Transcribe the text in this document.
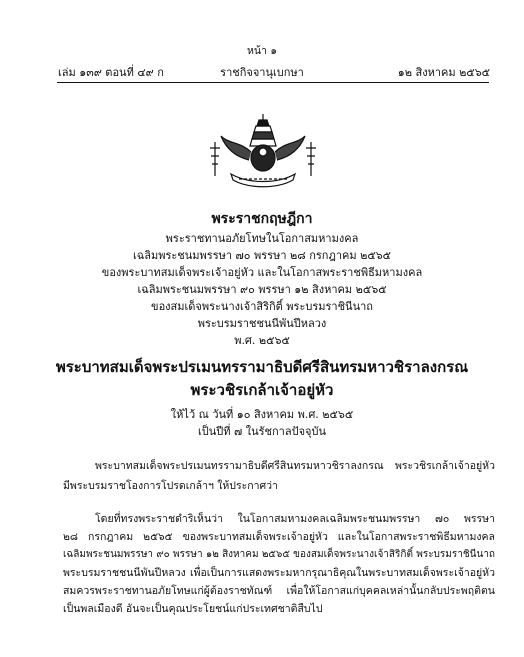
หน้า ๑
เล่ม ๑๓๙ ตอนที่ ๔๙ ก	ราชกิจจานุเบกษา	๑๒ สิงหาคม ๒๕๖๕
พระราชกฤษฎีกา
พระราชทานอภัยโทษในโอกาสมหามงคล
เฉลิมพระชนมพรรษา ๗๐ พรรษา ๒๘ กรกฎาคม ๒๕๖๕
ของพระบาทสมเด็จพระเจ้าอยู่หัว และในโอกาสพระราชพิธีมหามงคล
เฉลิมพระชนมพรรษา ๙๐ พรรษา ๑๒ สิงหาคม ๒๕๖๕
ของสมเด็จพระนางเจ้าสิริกิติ์ พระบรมราชินีนาถ
พระบรมราชชนนีพันปีหลวง
พ.ศ. ๒๕๖๕
พระบาทสมเด็จพระปรเมนทรรามาธิบดีศรีสินทรมหาวชิราลงกรณ
พระวชิรเกล้าเจ้าอยู่หัว
ให้ไว้ ณ วันที่ ๑๐ สิงหาคม พ.ศ. ๒๕๖๕
เป็นปีที่ ๗ ในรัชกาลปัจจุบัน
พระบาทสมเด็จพระปรเมนทรรามาธิบดีศรีสินทรมหาวชิราลงกรณ พระวชิรเกล้าเจ้าอยู่หัว
มีพระบรมราชโองการโปรดเกล้าฯ ให้ประกาศว่า
โดยที่ทรงพระราชดำริเห็นว่า ในโอกาสมหามงคลเฉลิมพระชนมพรรษา ๗๐ พรรษา
๒๘ กรกฎาคม ๒๕๖๕ ของพระบาทสมเด็จพระเจ้าอยู่หัว และในโอกาสพระราชพิธีมหามงคล
เฉลิมพระชนมพรรษา ๙๐ พรรษา ๑๒ สิงหาคม ๒๕๖๕ ของสมเด็จพระนางเจ้าสิริกิติ์ พระบรมราชินีนาถ
พระบรมราชชนนีพันปีหลวง เพื่อเป็นการแสดงพระมหากรุณาธิคุณในพระบาทสมเด็จพระเจ้าอยู่หัว
สมควรพระราชทานอภัยโทษแก่ผู้ต้องราชทัณฑ์ เพื่อให้โอกาสแก่บุคคลเหล่านั้นกลับประพฤติตน
เป็นพลเมืองดี อันจะเป็นคุณประโยชน์แก่ประเทศชาติสืบไป
